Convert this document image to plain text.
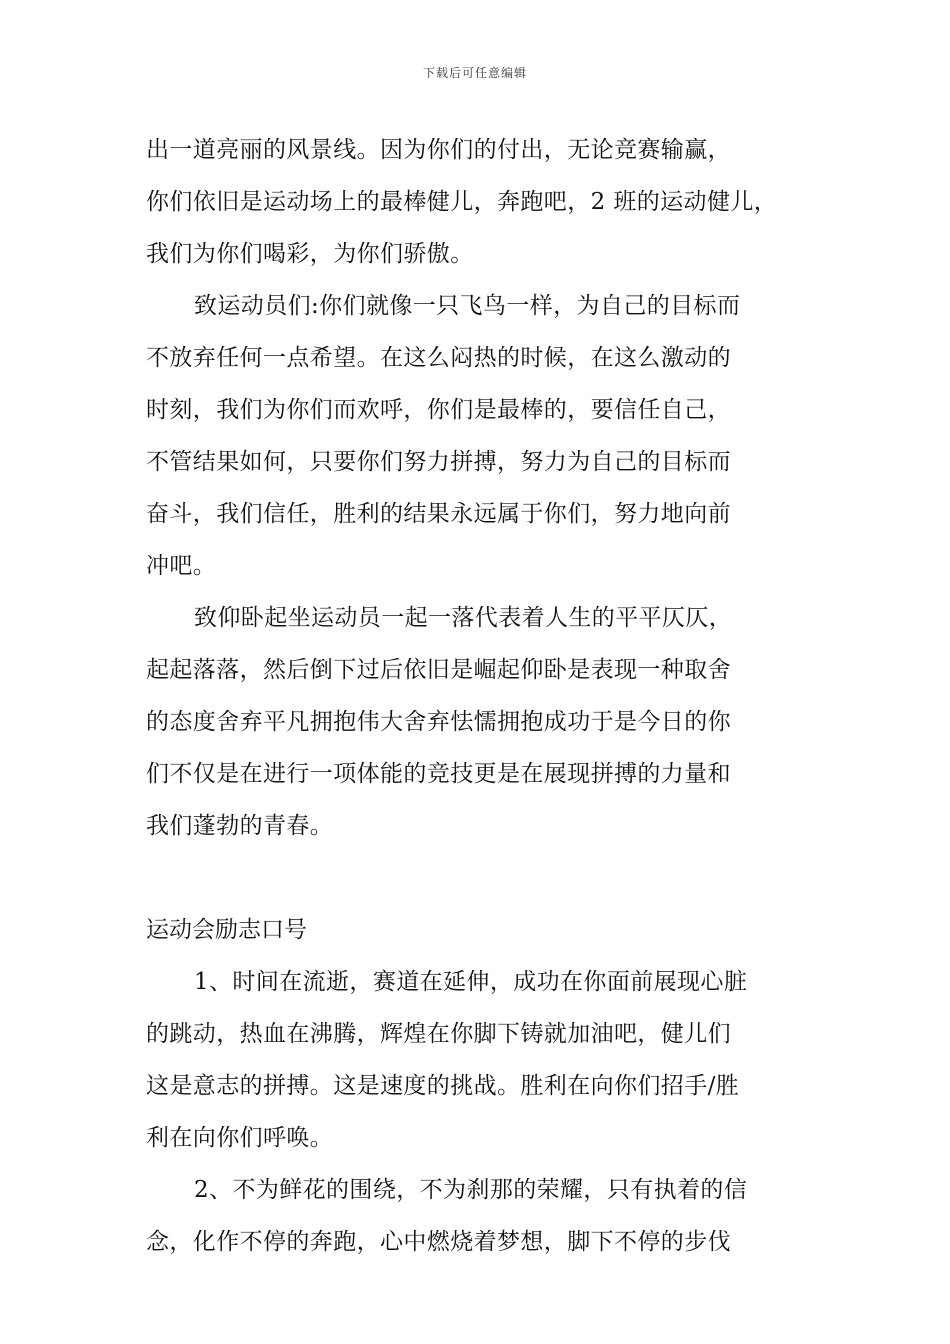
下载后可任意编辑
出一道亮丽的风景线。因为你们的付出，无论竞赛输赢，
你们依旧是运动场上的最棒健儿，奔跑吧，2 班的运动健儿，
我们为你们喝彩，为你们骄傲。
致运动员们:你们就像一只飞鸟一样，为自己的目标而
不放弃任何一点希望。在这么闷热的时候，在这么激动的
时刻，我们为你们而欢呼，你们是最棒的，要信任自己，
不管结果如何，只要你们努力拼搏，努力为自己的目标而
奋斗，我们信任，胜利的结果永远属于你们，努力地向前
冲吧。
致仰卧起坐运动员一起一落代表着人生的平平仄仄，
起起落落，然后倒下过后依旧是崛起仰卧是表现一种取舍
的态度舍弃平凡拥抱伟大舍弃怯懦拥抱成功于是今日的你
们不仅是在进行一项体能的竞技更是在展现拼搏的力量和
我们蓬勃的青春。
运动会励志口号
1、时间在流逝，赛道在延伸，成功在你面前展现心脏
的跳动，热血在沸腾，辉煌在你脚下铸就加油吧，健儿们
这是意志的拼搏。这是速度的挑战。胜利在向你们招手/胜
利在向你们呼唤。
2、不为鲜花的围绕，不为刹那的荣耀，只有执着的信
念，化作不停的奔跑，心中燃烧着梦想，脚下不停的步伐
